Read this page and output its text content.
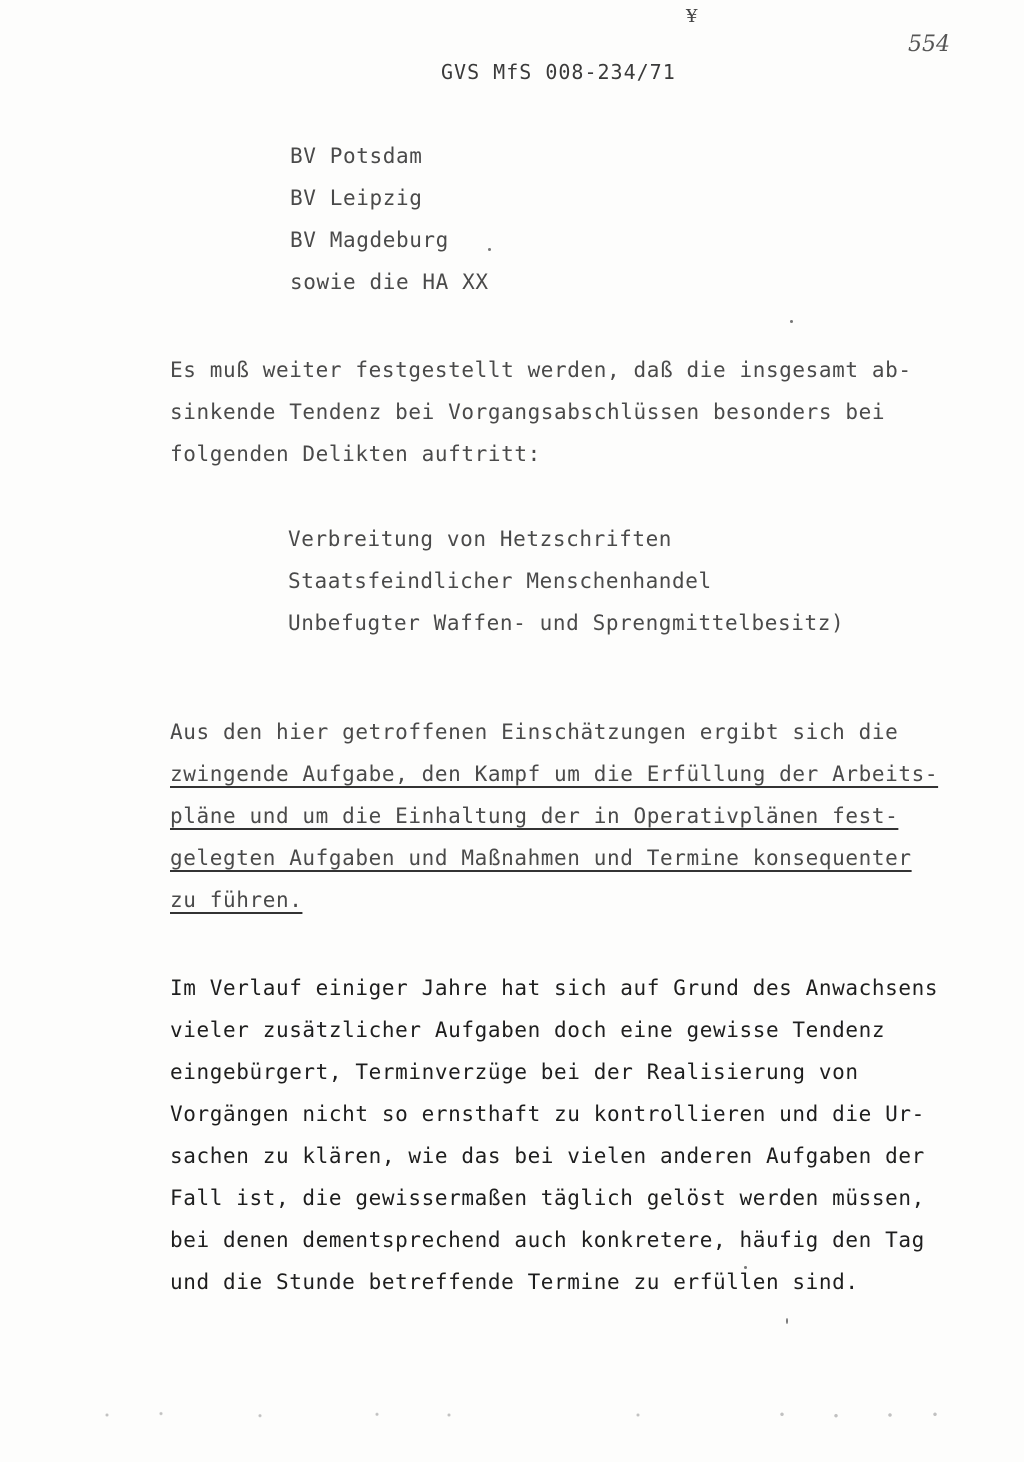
¥
554
GVS MfS 008-234/71
BV Potsdam
BV Leipzig
BV Magdeburg
sowie die HA XX
Es muß weiter festgestellt werden, daß die insgesamt ab-
sinkende Tendenz bei Vorgangsabschlüssen besonders bei
folgenden Delikten auftritt:
Verbreitung von Hetzschriften
Staatsfeindlicher Menschenhandel
Unbefugter Waffen- und Sprengmittelbesitz)
Aus den hier getroffenen Einschätzungen ergibt sich die
zwingende Aufgabe, den Kampf um die Erfüllung der Arbeits-
pläne und um die Einhaltung der in Operativplänen fest-
gelegten Aufgaben und Maßnahmen und Termine konsequenter
zu führen.
Im Verlauf einiger Jahre hat sich auf Grund des Anwachsens
vieler zusätzlicher Aufgaben doch eine gewisse Tendenz
eingebürgert, Terminverzüge bei der Realisierung von
Vorgängen nicht so ernsthaft zu kontrollieren und die Ur-
sachen zu klären, wie das bei vielen anderen Aufgaben der
Fall ist, die gewissermaßen täglich gelöst werden müssen,
bei denen dementsprechend auch konkretere, häufig den Tag
und die Stunde betreffende Termine zu erfüllen sind.
